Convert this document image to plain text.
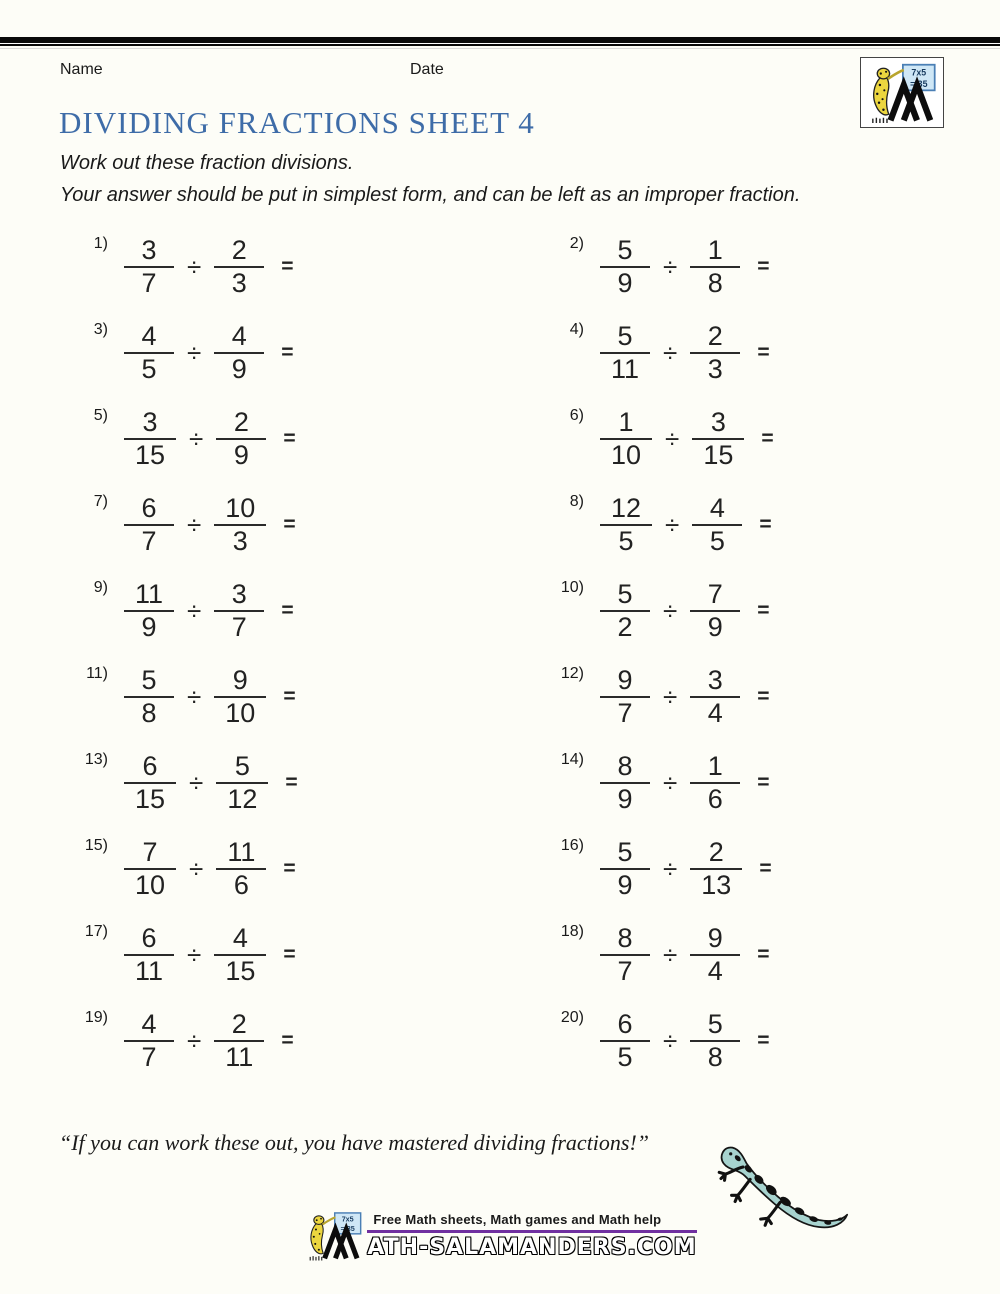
Name	Date	7x5
= 35
DIVIDING FRACTIONS SHEET 4
Work out these fraction divisions.
Your answer should be put in simplest form, and can be left as an improper fraction.
$1) \frac{3}{7} \div \frac{2}{3}$ =
$2) \frac{5}{9} \div \frac{1}{8}$ =
$3) \frac{4}{5} \div \frac{4}{9}$ =
$4) \frac{5}{11} \div \frac{2}{3}$ =
$5) \frac{3}{15} \div \frac{2}{9}$ =
$6) \frac{1}{10} \div \frac{3}{15}$ =
$7) \frac{6}{7} \div \frac{10}{3}$ =
$8) \frac{12}{5} \div \frac{4}{5}$ =
$9) \frac{11}{9} \div \frac{3}{7}$ =
$10) \frac{5}{2} \div \frac{7}{9}$ =
$11) \frac{5}{8} \div \frac{9}{10}$ =
$12) \frac{9}{7} \div \frac{3}{4}$ =
$13) \frac{6}{15} \div \frac{5}{12}$ =
$14) \frac{8}{9} \div \frac{1}{6}$ =
$15) \frac{7}{10} \div \frac{11}{6}$ =
$16) \frac{5}{9} \div \frac{2}{13}$ =
$17) \frac{6}{11} \div \frac{4}{15}$ =
$18) \frac{8}{7} \div \frac{9}{4}$ =
$19) \frac{4}{7} \div \frac{2}{11}$ =
$20) \frac{6}{5} \div \frac{5}{8}$ =
“If you can work these out, you have mastered dividing fractions!”
7x5
= 35
Free Math sheets, Math games and Math help
ATH-SALAMANDERS.COM
